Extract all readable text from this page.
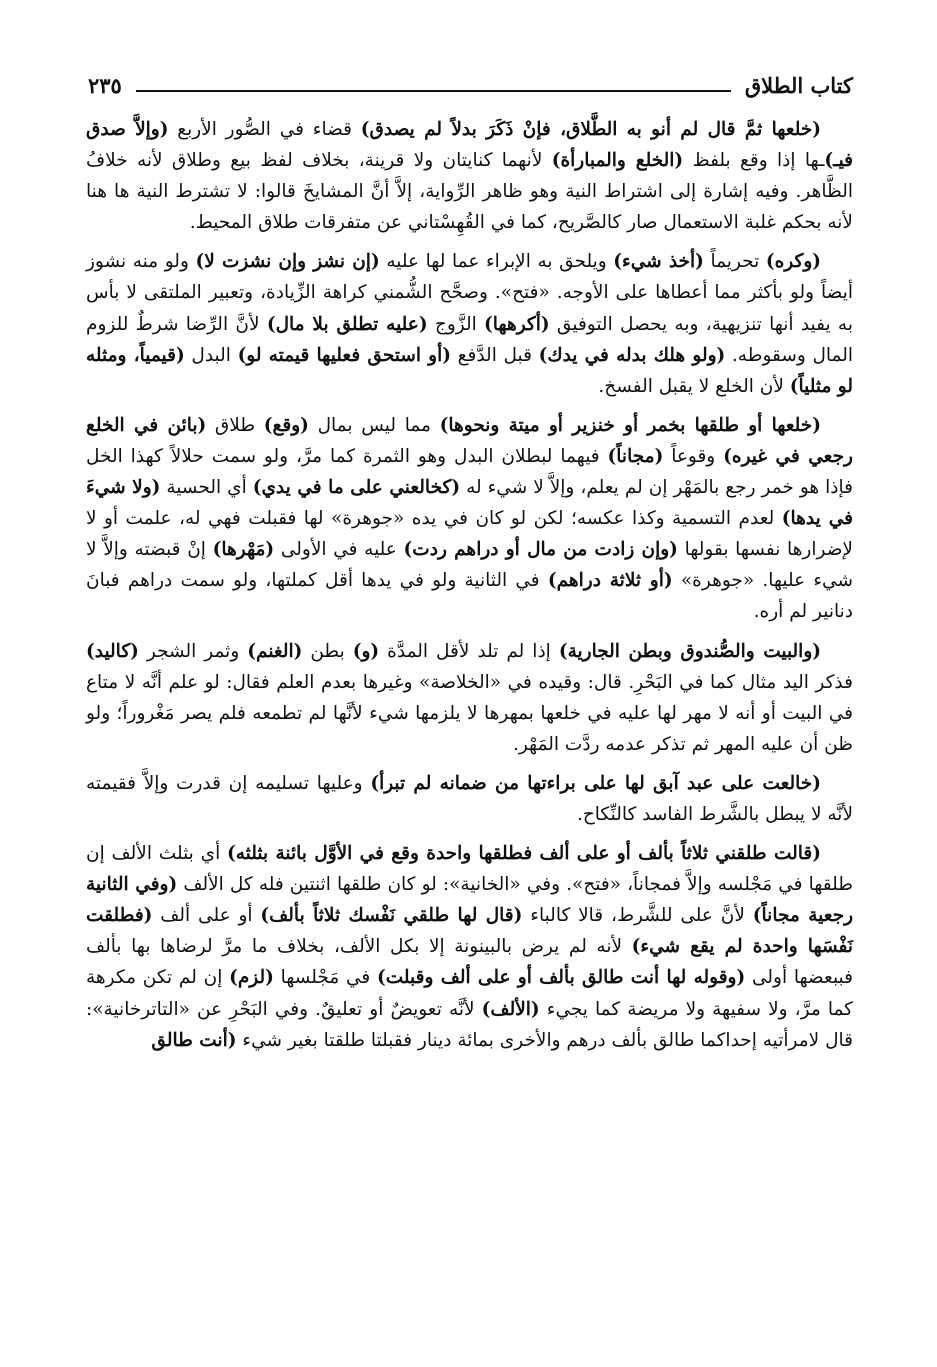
كتاب الطلاق
٢٣٥

(خلعها ثمَّ قال لم أنو به الطَّلاق، فإنْ ذَكَرَ بدلاً لم يصدق) قضاء في الصُّور الأربع (وإلاَّ صدق فيـ)ـها إذا وقع بلفظ (الخلع والمبارأة) لأنهما كنايتان ولا قرينة، بخلاف لفظ بيع وطلاق لأنه خلافُ الظَّاهر. وفيه إشارة إلى اشتراط النية وهو ظاهر الرِّواية، إلاَّ أنَّ المشايخَ قالوا: لا تشترط النية ها هنا لأنه بحكم غلبة الاستعمال صار كالصَّريح، كما في القُهِسْتاني عن متفرقات طلاق المحيط.

(وكره) تحريماً (أخذ شيء) ويلحق به الإبراء عما لها عليه (إن نشز وإن نشزت لا) ولو منه نشوز أيضاً ولو بأكثر مما أعطاها على الأوجه. «فتح». وصحَّح الشُّمني كراهة الزِّيادة، وتعبير الملتقى لا بأس به يفيد أنها تنزيهية، وبه يحصل التوفيق (أكرهها) الزَّوج (عليه تطلق بلا مال) لأنَّ الرِّضا شرطٌ للزوم المال وسقوطه. (ولو هلك بدله في يدك) قبل الدَّفع (أو استحق فعليها قيمته لو) البدل (قيمياً، ومثله لو مثلياً) لأن الخلع لا يقبل الفسخ.

(خلعها أو طلقها بخمر أو خنزير أو ميتة ونحوها) مما ليس بمال (وقع) طلاق (بائن في الخلع رجعي في غيره) وقوعاً (مجاناً) فيهما لبطلان البدل وهو الثمرة كما مرَّ، ولو سمت حلالاً كهذا الخل فإذا هو خمر رجع بالمَهْر إن لم يعلم، وإلاَّ لا شيء له (كخالعني على ما في يدي) أي الحسية (ولا شيءَ في يدها) لعدم التسمية وكذا عكسه؛ لكن لو كان في يده «جوهرة» لها فقبلت فهي له، علمت أو لا لإضرارها نفسها بقولها (وإن زادت من مال أو دراهم ردت) عليه في الأولى (مَهْرها) إنْ قبضته وإلاَّ لا شيء عليها. «جوهرة» (أو ثلاثة دراهم) في الثانية ولو في يدها أقل كملتها، ولو سمت دراهم فبانَ دنانير لم أره.

(والبيت والصُّندوق وبطن الجارية) إذا لم تلد لأقل المدَّة (و) بطن (الغنم) وثمر الشجر (كاليد) فذكر اليد مثال كما في البَحْرِ. قال: وقيده في «الخلاصة» وغيرها بعدم العلم فقال: لو علم أنَّه لا متاع في البيت أو أنه لا مهر لها عليه في خلعها بمهرها لا يلزمها شيء لأنَّها لم تطمعه فلم يصر مَغْروراً؛ ولو ظن أن عليه المهر ثم تذكر عدمه ردَّت المَهْر.

(خالعت على عبد آبق لها على براءتها من ضمانه لم تبرأ) وعليها تسليمه إن قدرت وإلاَّ فقيمته لأنَّه لا يبطل بالشَّرط الفاسد كالنِّكاح.

(قالت طلقني ثلاثاً بألف أو على ألف فطلقها واحدة وقع في الأوَّل بائنة بثلثه) أي بثلث الألف إن طلقها في مَجْلسه وإلاَّ فمجاناً، «فتح». وفي «الخانية»: لو كان طلقها اثنتين فله كل الألف (وفي الثانية رجعية مجاناً) لأنَّ على للشَّرط، قالا كالباء (قال لها طلقي نَفْسك ثلاثاً بألف) أو على ألف (فطلقت نَفْسَها واحدة لم يقع شيء) لأنه لم يرض بالبينونة إلا بكل الألف، بخلاف ما مرَّ لرضاها بها بألف فببعضها أولى (وقوله لها أنت طالق بألف أو على ألف وقبلت) في مَجْلسها (لزم) إن لم تكن مكرهة كما مرَّ، ولا سفيهة ولا مريضة كما يجيء (الألف) لأنَّه تعويضٌ أو تعليقٌ. وفي البَحْرِ عن «التاترخانية»: قال لامرأتيه إحداكما طالق بألف درهم والأخرى بمائة دينار فقبلتا طلقتا بغير شيء (أنت طالق
